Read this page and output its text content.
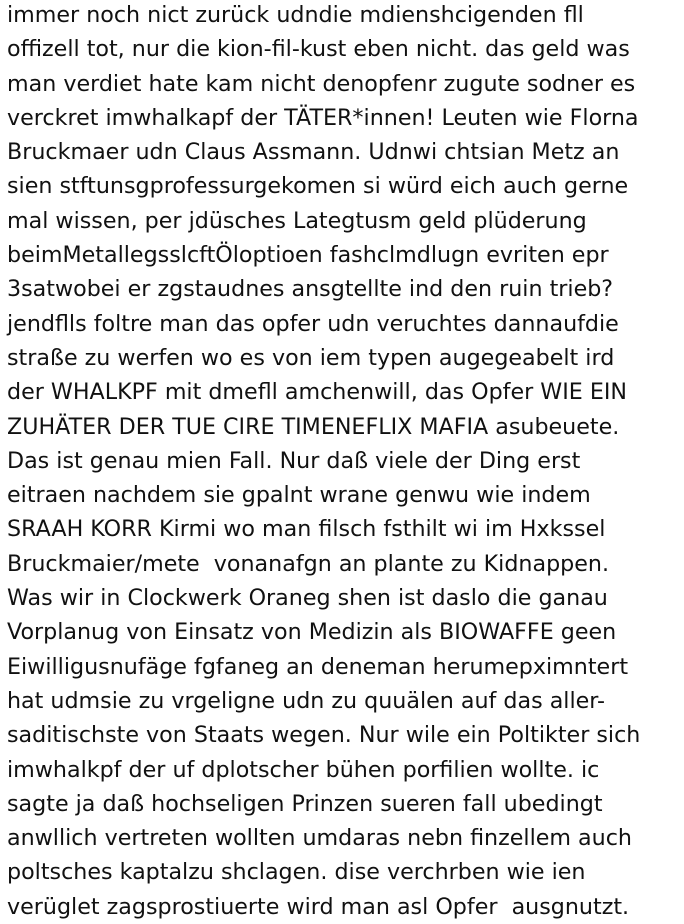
immer noch nict zurück udndie mdienshcigenden fll
offizell tot, nur die kion-fil-kust eben nicht. das geld was
man verdiet hate kam nicht denopfenr zugute sodner es
verckret imwhalkapf der TÄTER*innen! Leuten wie Florna
Bruckmaer udn Claus Assmann. Udnwi chtsian Metz an
sien stftunsgprofessurgekomen si würd eich auch gerne
mal wissen, per jdüsches Lategtusm geld plüderung
beimMetallegsslcftÖloptioen fashclmdlugn evriten epr
3satwobei er zgstaudnes ansgtellte ind den ruin trieb?
jendflls foltre man das opfer udn veruchtes dannaufdie
straße zu werfen wo es von iem typen augegeabelt ird
der WHALKPF mit dmefll amchenwill, das Opfer WIE EIN
ZUHÄTER DER TUE CIRE TIMENEFLIX MAFIA asubeuete.
Das ist genau mien Fall. Nur daß viele der Ding erst
eitraen nachdem sie gpalnt wrane genwu wie indem
SRAAH KORR Kirmi wo man filsch fsthilt wi im Hxkssel
Bruckmaier/mete  vonanafgn an plante zu Kidnappen.
Was wir in Clockwerk Oraneg shen ist daslo die ganau
Vorplanug von Einsatz von Medizin als BIOWAFFE geen
Eiwilligusnufäge fgfaneg an deneman herumepximntert
hat udmsie zu vrgeligne udn zu quuälen auf das aller-
saditischste von Staats wegen. Nur wile ein Poltikter sich
imwhalkpf der uf dplotscher bühen porfilien wollte. ic
sagte ja daß hochseligen Prinzen sueren fall ubedingt
anwllich vertreten wollten umdaras nebn finzellem auch
poltsches kaptalzu shclagen. dise verchrben wie ien
verüglet zagsprostiuerte wird man asl Opfer  ausgnutzt.
